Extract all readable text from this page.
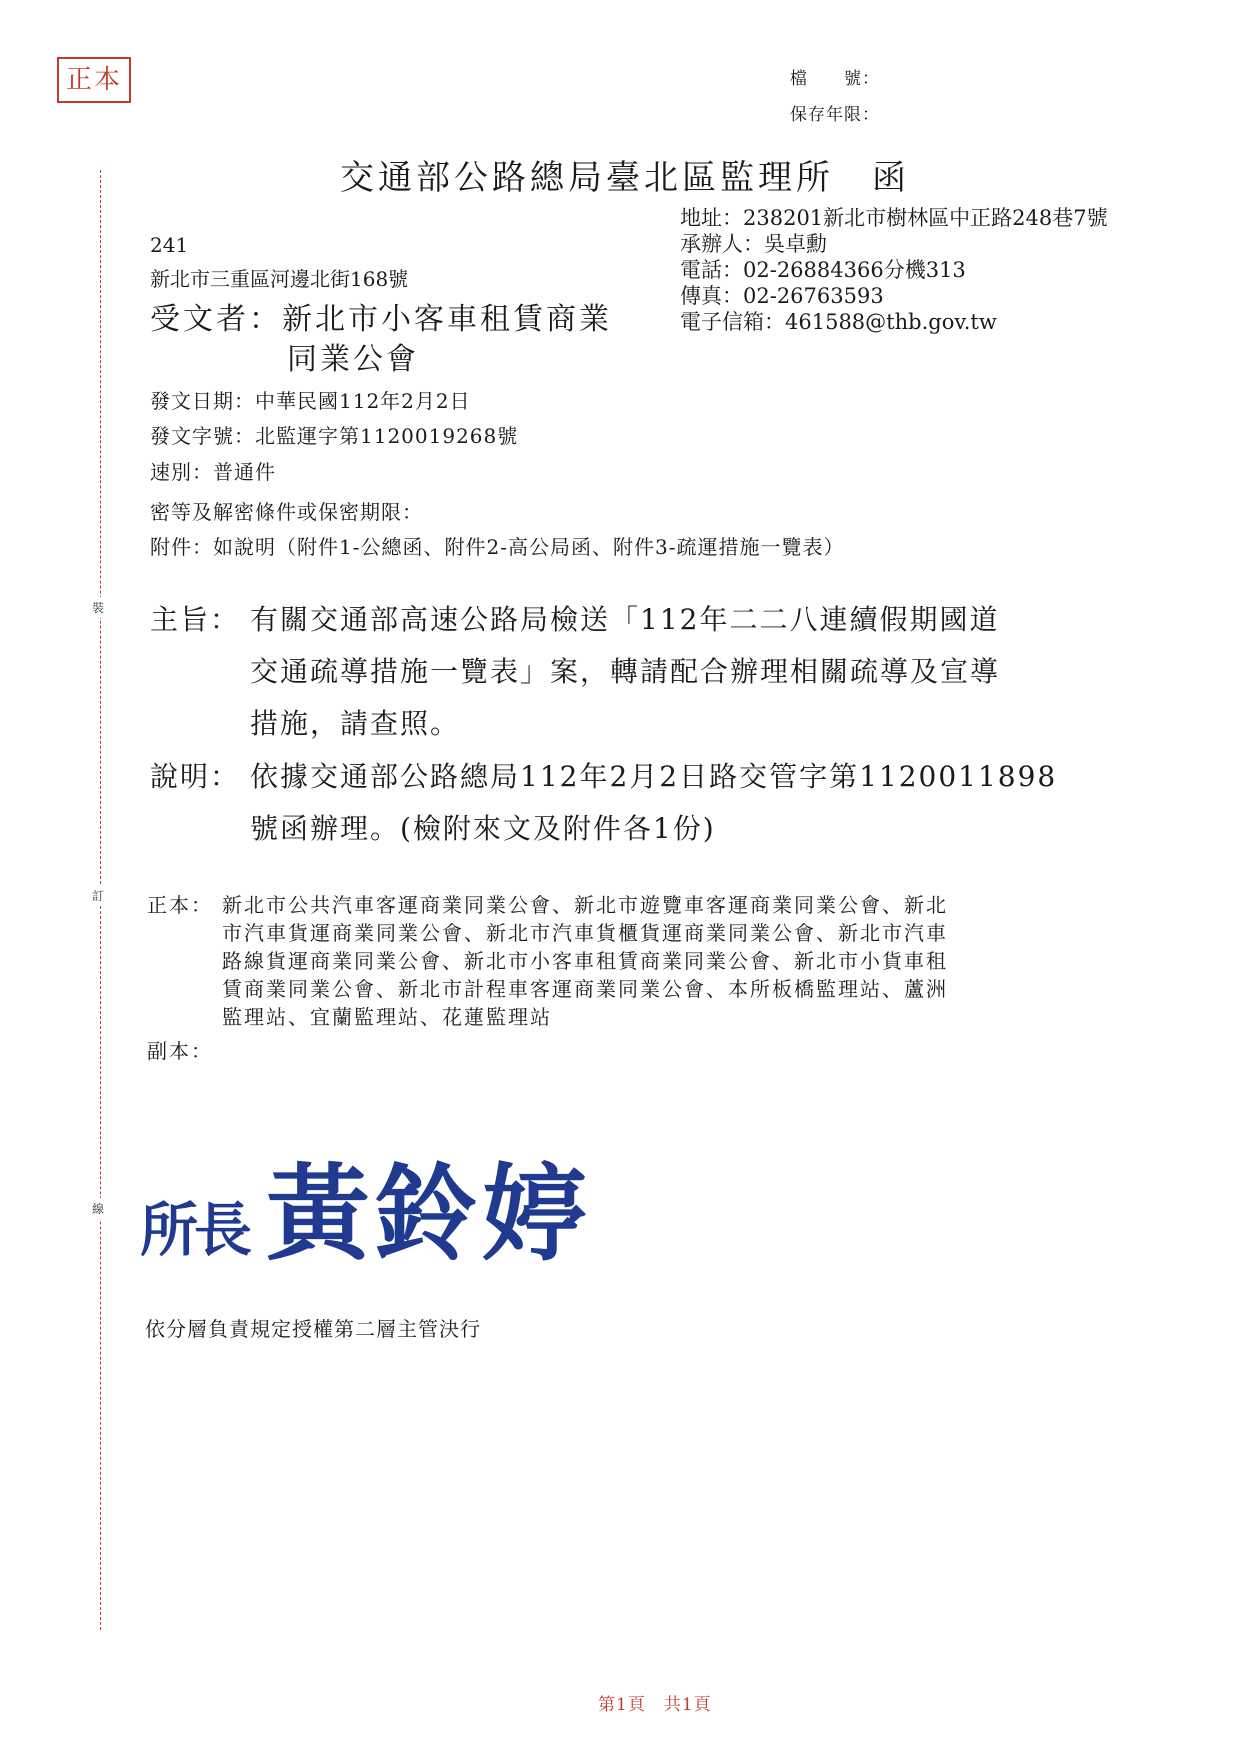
正本	檔　　號：
保存年限：
交通部公路總局臺北區監理所　函
地址：238201新北市樹林區中正路248巷7號
承辦人：吳卓勳
電話：02-26884366分機313
傳真：02-26763593
電子信箱：461588@thb.gov.tw
241
新北市三重區河邊北街168號
受文者：新北市小客車租賃商業
同業公會
發文日期：中華民國112年2月2日
發文字號：北監運字第1120019268號
速別：普通件
密等及解密條件或保密期限：
附件：如說明（附件1-公總函、附件2-高公局函、附件3-疏運措施一覽表）
主旨： 有關交通部高速公路局檢送「112年二二八連續假期國道
交通疏導措施一覽表」案，轉請配合辦理相關疏導及宣導
措施，請查照。
說明： 依據交通部公路總局112年2月2日路交管字第1120011898
號函辦理。(檢附來文及附件各1份)
正本： 新北市公共汽車客運商業同業公會、新北市遊覽車客運商業同業公會、新北
市汽車貨運商業同業公會、新北市汽車貨櫃貨運商業同業公會、新北市汽車
路線貨運商業同業公會、新北市小客車租賃商業同業公會、新北市小貨車租
賃商業同業公會、新北市計程車客運商業同業公會、本所板橋監理站、蘆洲
監理站、宜蘭監理站、花蓮監理站
副本：
裝
訂
線 所長 黃鈴婷
依分層負責規定授權第二層主管決行
第1頁　共1頁
